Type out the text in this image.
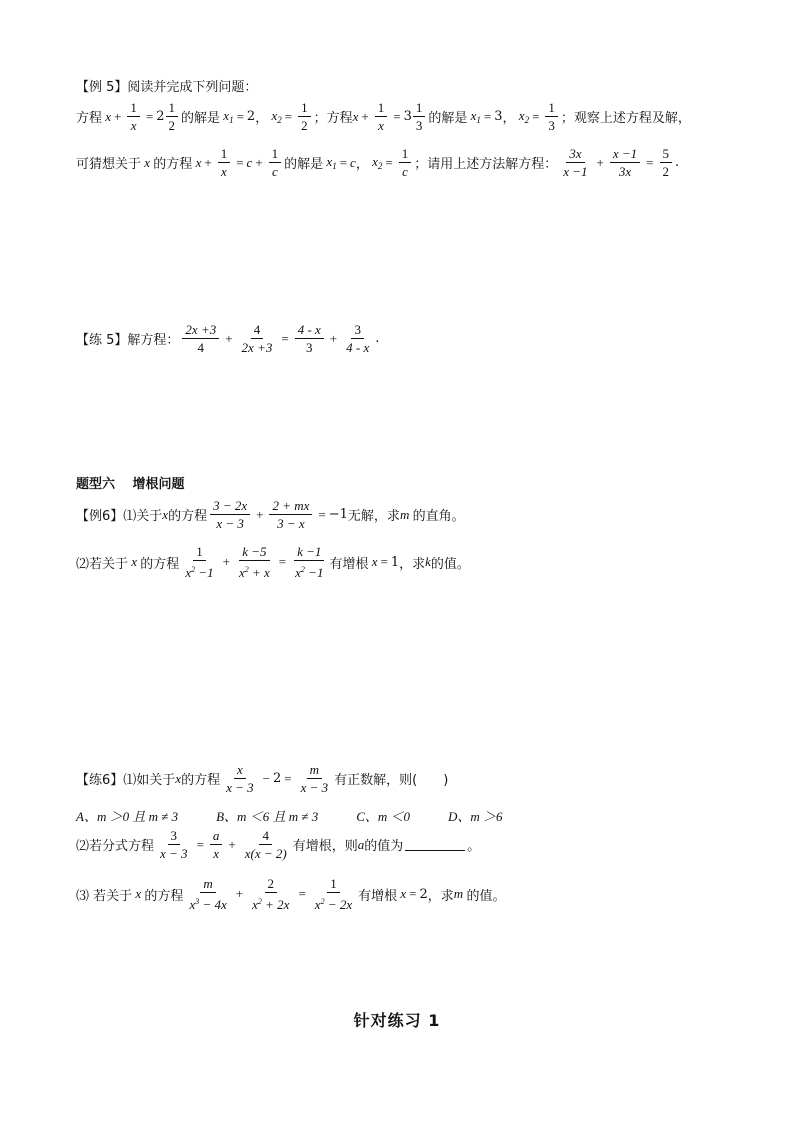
【例 5】阅读并完成下列问题：
方程 $x + \frac{1}{x} = 2 \frac{1}{2}$ 的解是 $x_1 = 2$ ， $x_2 = \frac{1}{2}$ ；方程 $x + \frac{1}{x} = 3 \frac{1}{3}$ 的解是 $x_1 = 3$ ， $x_2 = \frac{1}{3}$ ；观察上述方程及解，
可猜想关于 x 的方程 $x + \frac{1}{x} = c + \frac{1}{c}$ 的解是 $x_1 = c$ ， $x_2 = \frac{1}{c}$ ；请用上述方法解方程： $\frac{3x}{x -1} + \frac{x -1}{3x} = \frac{5}{2}$ .
【练 5】解方程： $\frac{2x +3}{4} + \frac{4}{2x +3} = \frac{4 - x}{3} + \frac{3}{4 - x}$ .
题型六　 增根问题
【例6】⑴关于 x 的方程 $\frac{3 - 2x}{x - 3} + \frac{2 + mx}{3 - x} = -1$ 无解，求 m 的直角。
⑵若关于 x 的方程 $\frac{1}{x^2 -1} + \frac{k -5}{x^2 + x} = \frac{k -1}{x^2 -1}$ 有增根 x = 1 ，求 k 的值。
【练6】⑴如关于 x 的方程 $\frac{x}{x - 3} - 2 = \frac{m}{x - 3}$ 有正数解，则(　　)
A、m ＞0 且 m ≠ 3	B、m ＜6 且 m ≠ 3	C、m ＜0	D、m ＞6
⑵若分式方程 $\frac{3}{x - 3} = \frac{a}{x} + \frac{4}{x(x - 2)}$ 有增根，则 a 的值为	。
⑶ 若关于 x 的方程 $\frac{m}{x^3 - 4x} + \frac{2}{x^2 + 2x} = \frac{1}{x^2 - 2x}$ 有增根 x = 2 ，求 m 的值。
针对练习 1
